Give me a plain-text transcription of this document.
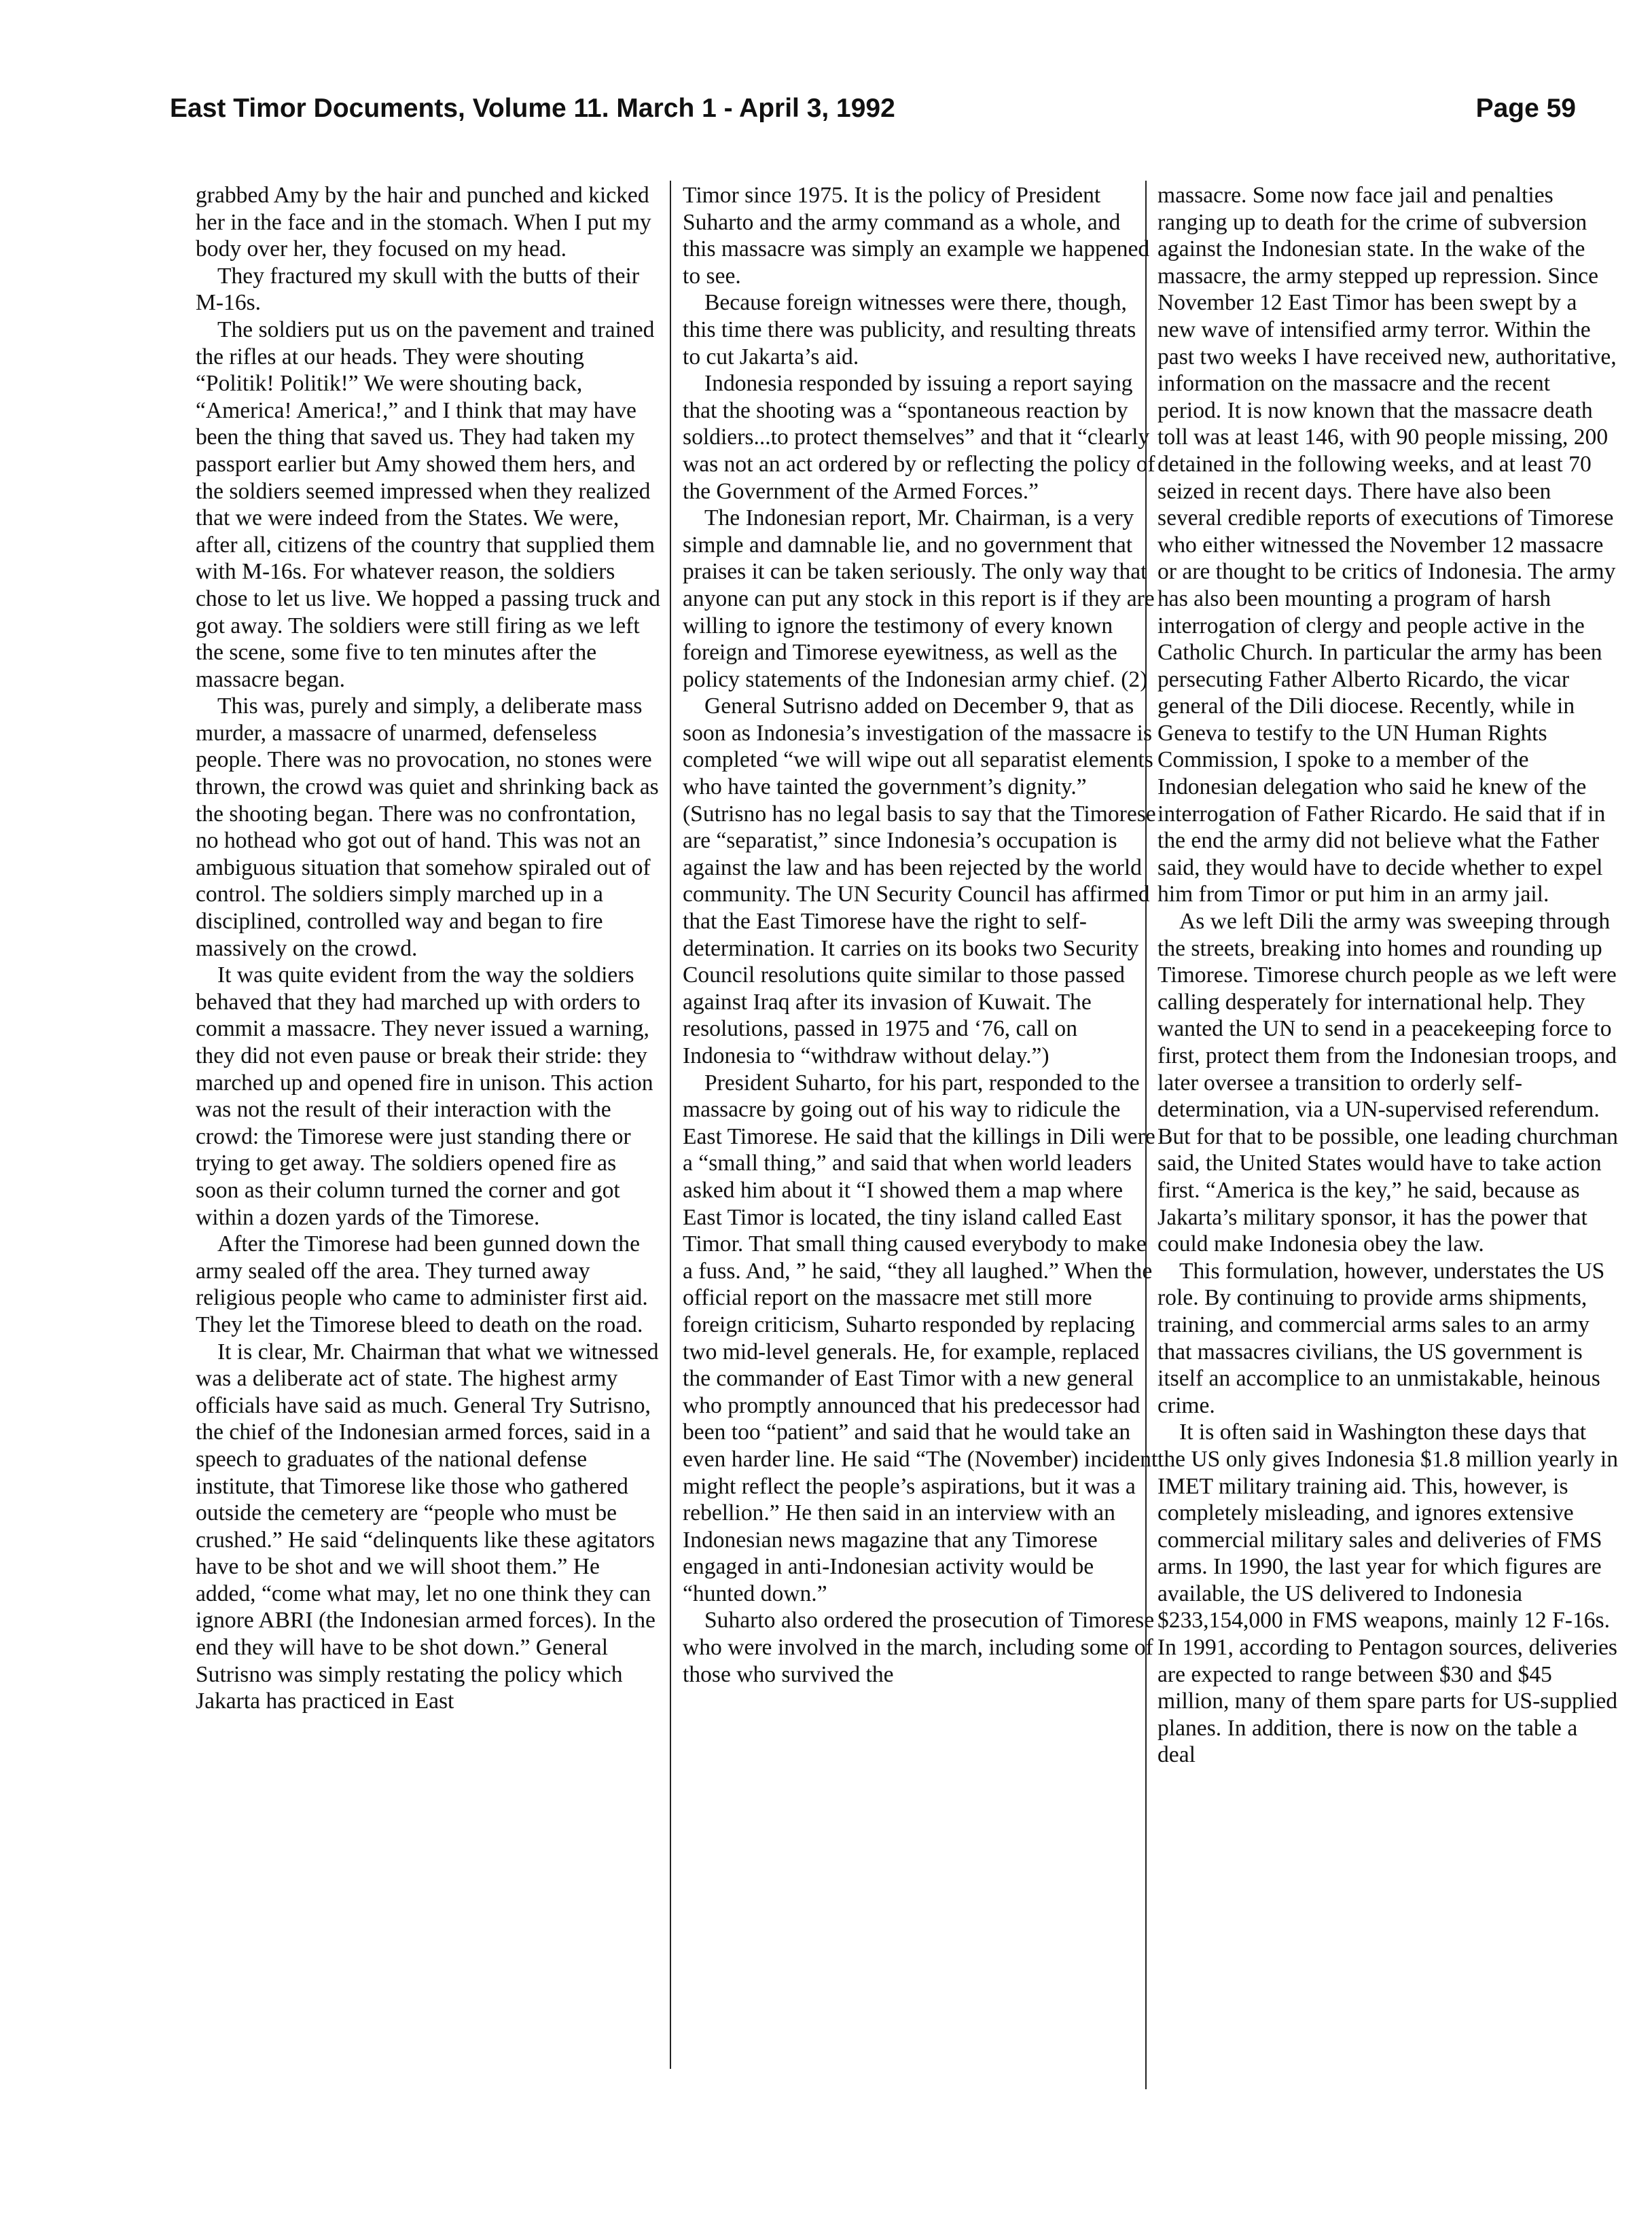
East Timor Documents, Volume 11. March 1 - April 3, 1992	Page 59

grabbed Amy by the hair and punched and kicked her in the face and in the stomach. When I put my body over her, they focused on my head.

They fractured my skull with the butts of their M-16s.

The soldiers put us on the pavement and trained the rifles at our heads. They were shouting “Politik! Politik!” We were shouting back, “America! America!,” and I think that may have been the thing that saved us. They had taken my passport earlier but Amy showed them hers, and the soldiers seemed impressed when they realized that we were indeed from the States. We were, after all, citizens of the country that supplied them with M-16s. For whatever reason, the soldiers chose to let us live. We hopped a passing truck and got away. The soldiers were still firing as we left the scene, some five to ten minutes after the massacre began.

This was, purely and simply, a deliberate mass murder, a massacre of unarmed, defenseless people. There was no provocation, no stones were thrown, the crowd was quiet and shrinking back as the shooting began. There was no confrontation, no hothead who got out of hand. This was not an ambiguous situation that somehow spiraled out of control. The soldiers simply marched up in a disciplined, controlled way and began to fire massively on the crowd.

It was quite evident from the way the soldiers behaved that they had marched up with orders to commit a massacre. They never issued a warning, they did not even pause or break their stride: they marched up and opened fire in unison. This action was not the result of their interaction with the crowd: the Timorese were just standing there or trying to get away. The soldiers opened fire as soon as their column turned the corner and got within a dozen yards of the Timorese.

After the Timorese had been gunned down the army sealed off the area. They turned away religious people who came to administer first aid. They let the Timorese bleed to death on the road.

It is clear, Mr. Chairman that what we witnessed was a deliberate act of state. The highest army officials have said as much. General Try Sutrisno, the chief of the Indonesian armed forces, said in a speech to graduates of the national defense institute, that Timorese like those who gathered outside the cemetery are “people who must be crushed.” He said “delinquents like these agitators have to be shot and we will shoot them.” He added, “come what may, let no one think they can ignore ABRI (the Indonesian armed forces). In the end they will have to be shot down.” General Sutrisno was simply restating the policy which Jakarta has practiced in East

Timor since 1975. It is the policy of President Suharto and the army command as a whole, and this massacre was simply an example we happened to see.

Because foreign witnesses were there, though, this time there was publicity, and resulting threats to cut Jakarta’s aid.

Indonesia responded by issuing a report saying that the shooting was a “spontaneous reaction by soldiers...to protect themselves” and that it “clearly was not an act ordered by or reflecting the policy of the Government of the Armed Forces.”

The Indonesian report, Mr. Chairman, is a very simple and damnable lie, and no government that praises it can be taken seriously. The only way that anyone can put any stock in this report is if they are willing to ignore the testimony of every known foreign and Timorese eyewitness, as well as the policy statements of the Indonesian army chief. (2)

General Sutrisno added on December 9, that as soon as Indonesia’s investigation of the massacre is completed “we will wipe out all separatist elements who have tainted the government’s dignity.” (Sutrisno has no legal basis to say that the Timorese are “separatist,” since Indonesia’s occupation is against the law and has been rejected by the world community. The UN Security Council has affirmed that the East Timorese have the right to self-determination. It carries on its books two Security Council resolutions quite similar to those passed against Iraq after its invasion of Kuwait. The resolutions, passed in 1975 and ‘76, call on Indonesia to “withdraw without delay.”)

President Suharto, for his part, responded to the massacre by going out of his way to ridicule the East Timorese. He said that the killings in Dili were a “small thing,” and said that when world leaders asked him about it “I showed them a map where East Timor is located, the tiny island called East Timor. That small thing caused everybody to make a fuss. And, ” he said, “they all laughed.” When the official report on the massacre met still more foreign criticism, Suharto responded by replacing two mid-level generals. He, for example, replaced the commander of East Timor with a new general who promptly announced that his predecessor had been too “patient” and said that he would take an even harder line. He said “The (November) incident might reflect the people’s aspirations, but it was a rebellion.” He then said in an interview with an Indonesian news magazine that any Timorese engaged in anti-Indonesian activity would be “hunted down.”

Suharto also ordered the prosecution of Timorese who were involved in the march, including some of those who survived the

massacre. Some now face jail and penalties ranging up to death for the crime of subversion against the Indonesian state. In the wake of the massacre, the army stepped up repression. Since November 12 East Timor has been swept by a new wave of intensified army terror. Within the past two weeks I have received new, authoritative, information on the massacre and the recent period. It is now known that the massacre death toll was at least 146, with 90 people missing, 200 detained in the following weeks, and at least 70 seized in recent days. There have also been several credible reports of executions of Timorese who either witnessed the November 12 massacre or are thought to be critics of Indonesia. The army has also been mounting a program of harsh interrogation of clergy and people active in the Catholic Church. In particular the army has been persecuting Father Alberto Ricardo, the vicar general of the Dili diocese. Recently, while in Geneva to testify to the UN Human Rights Commission, I spoke to a member of the Indonesian delegation who said he knew of the interrogation of Father Ricardo. He said that if in the end the army did not believe what the Father said, they would have to decide whether to expel him from Timor or put him in an army jail.

As we left Dili the army was sweeping through the streets, breaking into homes and rounding up Timorese. Timorese church people as we left were calling desperately for international help. They wanted the UN to send in a peacekeeping force to first, protect them from the Indonesian troops, and later oversee a transition to orderly self-determination, via a UN-supervised referendum. But for that to be possible, one leading churchman said, the United States would have to take action first. “America is the key,” he said, because as Jakarta’s military sponsor, it has the power that could make Indonesia obey the law.

This formulation, however, understates the US role. By continuing to provide arms shipments, training, and commercial arms sales to an army that massacres civilians, the US government is itself an accomplice to an unmistakable, heinous crime.

It is often said in Washington these days that the US only gives Indonesia $1.8 million yearly in IMET military training aid. This, however, is completely misleading, and ignores extensive commercial military sales and deliveries of FMS arms. In 1990, the last year for which figures are available, the US delivered to Indonesia $233,154,000 in FMS weapons, mainly 12 F-16s. In 1991, according to Pentagon sources, deliveries are expected to range between $30 and $45 million, many of them spare parts for US-supplied planes. In addition, there is now on the table a deal
